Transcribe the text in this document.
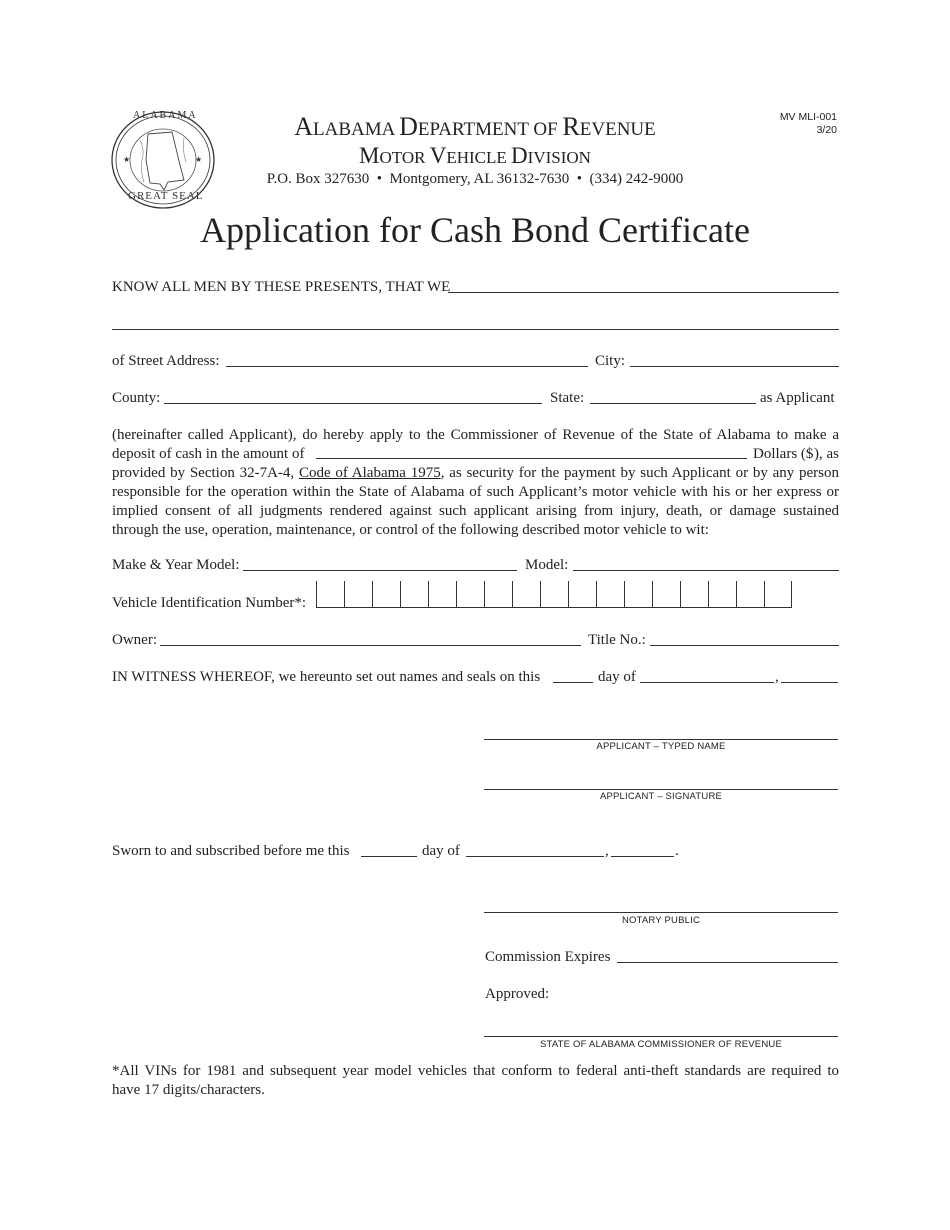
★	★
ALABAMA
GREAT SEAL
ALABAMA DEPARTMENT OF REVENUE
MOTOR VEHICLE DIVISION
P.O. Box 327630  •  Montgomery, AL 36132-7630  •  (334) 242-9000
MV MLI-001
3/20
Application for Cash Bond Certificate
KNOW ALL MEN BY THESE PRESENTS, THAT WE
of Street Address:	City:
County:	State:	as Applicant
(hereinafter called Applicant), do hereby apply to the Commissioner of Revenue of the State of Alabama to make a
deposit of cash in the amount of	Dollars ($ ), as
provided by Section 32-7A-4, Code of Alabama 1975, as security for the payment by such Applicant or by any person
responsible for the operation within the State of Alabama of such Applicant’s motor vehicle with his or her express or
implied consent of all judgments rendered against such applicant arising from injury, death, or damage sustained
through the use, operation, maintenance, or control of the following described motor vehicle to wit:
Make & Year Model:	Model:
Vehicle Identification Number*:
Owner:	Title No.:
IN WITNESS WHEREOF, we hereunto set out names and seals on this	day of	,
APPLICANT – TYPED NAME
APPLICANT – SIGNATURE
Sworn to and subscribed before me this	day of	,	.
NOTARY PUBLIC
Commission Expires
Approved:
STATE OF ALABAMA COMMISSIONER OF REVENUE
*All VINs for 1981 and subsequent year model vehicles that conform to federal anti-theft standards are required to
have 17 digits/characters.
